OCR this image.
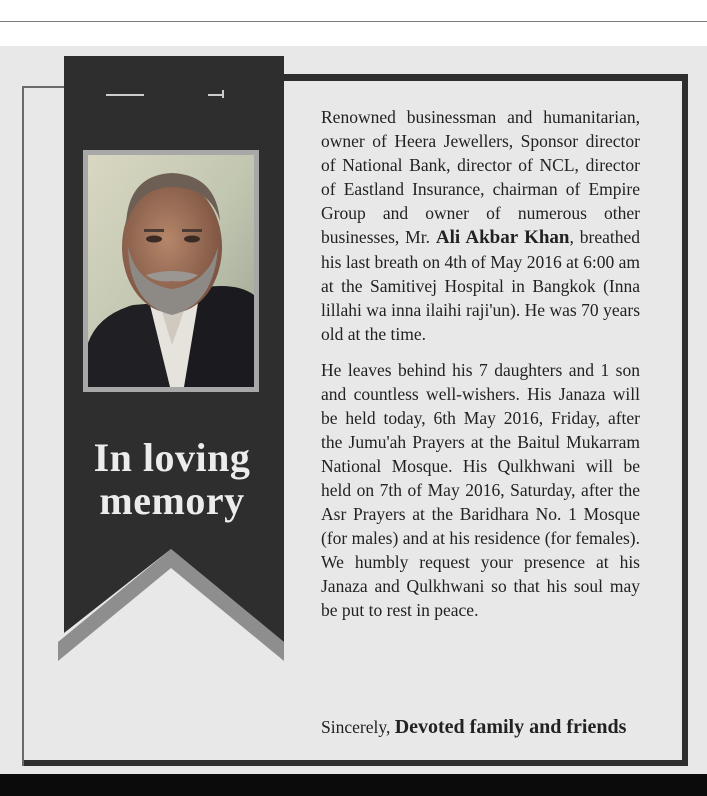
In loving memory

Renowned businessman and humanitarian, owner of Heera Jewellers, Sponsor director of National Bank, director of NCL, director of Eastland Insurance, chairman of Empire Group and owner of numerous other businesses, Mr. Ali Akbar Khan, breathed his last breath on 4th of May 2016 at 6:00 am at the Samitivej Hospital in Bangkok (Inna lillahi wa inna ilaihi raji'un). He was 70 years old at the time.

He leaves behind his 7 daughters and 1 son and countless well-wishers. His Janaza will be held today, 6th May 2016, Friday, after the Jumu'ah Prayers at the Baitul Mukarram National Mosque. His Qulkhwani will be held on 7th of May 2016, Saturday, after the Asr Prayers at the Baridhara No. 1 Mosque (for males) and at his residence (for females). We humbly request your presence at his Janaza and Qulkhwani so that his soul may be put to rest in peace.

Sincerely, Devoted family and friends
